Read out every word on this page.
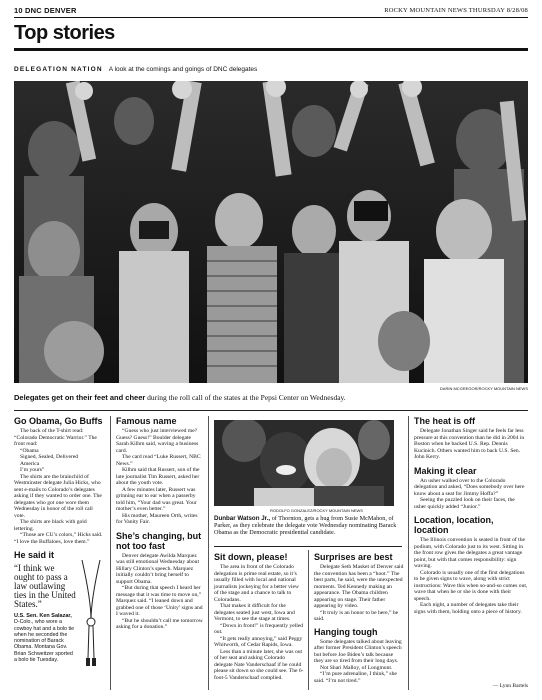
10 DNC DENVER	ROCKY MOUNTAIN NEWS THURSDAY 8/28/08
Top stories
DELEGATION NATION A look at the comings and goings of DNC delegates
DARIN MCGREGOR/ROCKY MOUNTAIN NEWS
Delegates get on their feet and cheer during the roll call of the states at the Pepsi Center on Wednesday.
Go Obama, Go Buffs

The back of the T-shirt read: “Colorado Democratic Warrior.” The front read:

“Obama

Signed, Sealed, Delivered

America

I’m yours”

The shirts are the brainchild of Westminster delegate Julia Hicks, who sent e-mails to Colorado’s delegates asking if they wanted to order one. The delegates who got one wore them Wednesday in honor of the roll call vote.

The shirts are black with gold lettering.

“Those are CU’s colors,” Hicks said. “I love the Buffaloes, love them.”

He said it
“I think we ought to pass a law outlawing ties in the United States.”
U.S. Sen. Ken Salazar, D-Colo., who wore a cowboy hat and a bolo tie when he seconded the nomination of Barack Obama. Montana Gov. Brian Schweitzer sported a bolo tie Tuesday.
Famous name

“Guess who just interviewed me? Guess? Guess!” Boulder delegate Sarah Kilhm said, waving a business card.

The card read “Luke Russert, NBC News.”

Kilhm said that Russert, son of the late journalist Tim Russert, asked her about the youth vote.

A few minutes later, Russert was grinning ear to ear when a passerby told him, “Your dad was great. Your mother’s even better.”

His mother, Maureen Orth, writes for Vanity Fair.

She’s changing, but not too fast

Denver delegate Awilda Marquez was still emotional Wednesday about Hillary Clinton’s speech. Marquez initially couldn’t bring herself to support Obama.

“But during that speech I heard her message that it was time to move on,” Marquez said. “I leaned down and grabbed one of those ‘Unity’ signs and I waved it.

“But he shouldn’t call me tomorrow asking for a donation.”

RODOLFO GONZALEZ/ROCKY MOUNTAIN NEWS
Dunbar Watson Jr., of Thornton, gets a hug from Susie McMahon, of Parker, as they celebrate the delegate vote Wednesday nominating Barack Obama as the Democratic presidential candidate.
Sit down, please!

The area in front of the Colorado delegation is prime real estate, so it’s usually filled with local and national journalists jockeying for a better view of the stage and a chance to talk to Coloradans.

That makes it difficult for the delegates seated just west, Iowa and Vermont, to see the stage at times.

“Down in front!” is frequently yelled out.

“It gets really annoying,” said Peggy Whitworth, of Cedar Rapids, Iowa.

Less than a minute later, she was out of her seat and asking Colorado delegate Nate Vanderschaaf if he could please sit down so she could see. The 6-foot-5 Vanderschaaf complied.

Surprises are best

Delegate Seth Masket of Denver said the convention has been a “hoot.” The best parts, he said, were the unexpected moments. Ted Kennedy making an appearance. The Obama children appearing on stage. Their father appearing by video.

“It truly is an honor to be here,” he said.

Hanging tough

Some delegates talked about leaving after former President Clinton’s speech but before Joe Biden’s talk because they are so tired from their long days.

Not Shari Malloy, of Longmont.

“I’m pure adrenaline, I think,” she said. “I’m not tired.”

The heat is off

Delegate Jonathan Singer said he feels far less pressure at this convention than he did in 2004 in Boston when he backed U.S. Rep. Dennis Kucinich. Others wanted him to back U.S. Sen. John Kerry.

Making it clear

An usher walked over to the Colorado delegation and asked, “Does somebody over here know about a seat for Jimmy Hoffa?”

Seeing the puzzled look on their faces, the usher quickly added “Junior.”

Location, location, location

The Illinois convention is seated in front of the podium, with Colorado just to its west. Sitting in the front row gives the delegates a great vantage point, but with that comes responsibility: sign waving.

Colorado is usually one of the first delegations to be given signs to wave, along with strict instructions: Wave this when so-and-so comes out, wave that when he or she is done with their speech.

Each night, a number of delegates take their signs with them, holding onto a piece of history.

— Lynn Bartels
